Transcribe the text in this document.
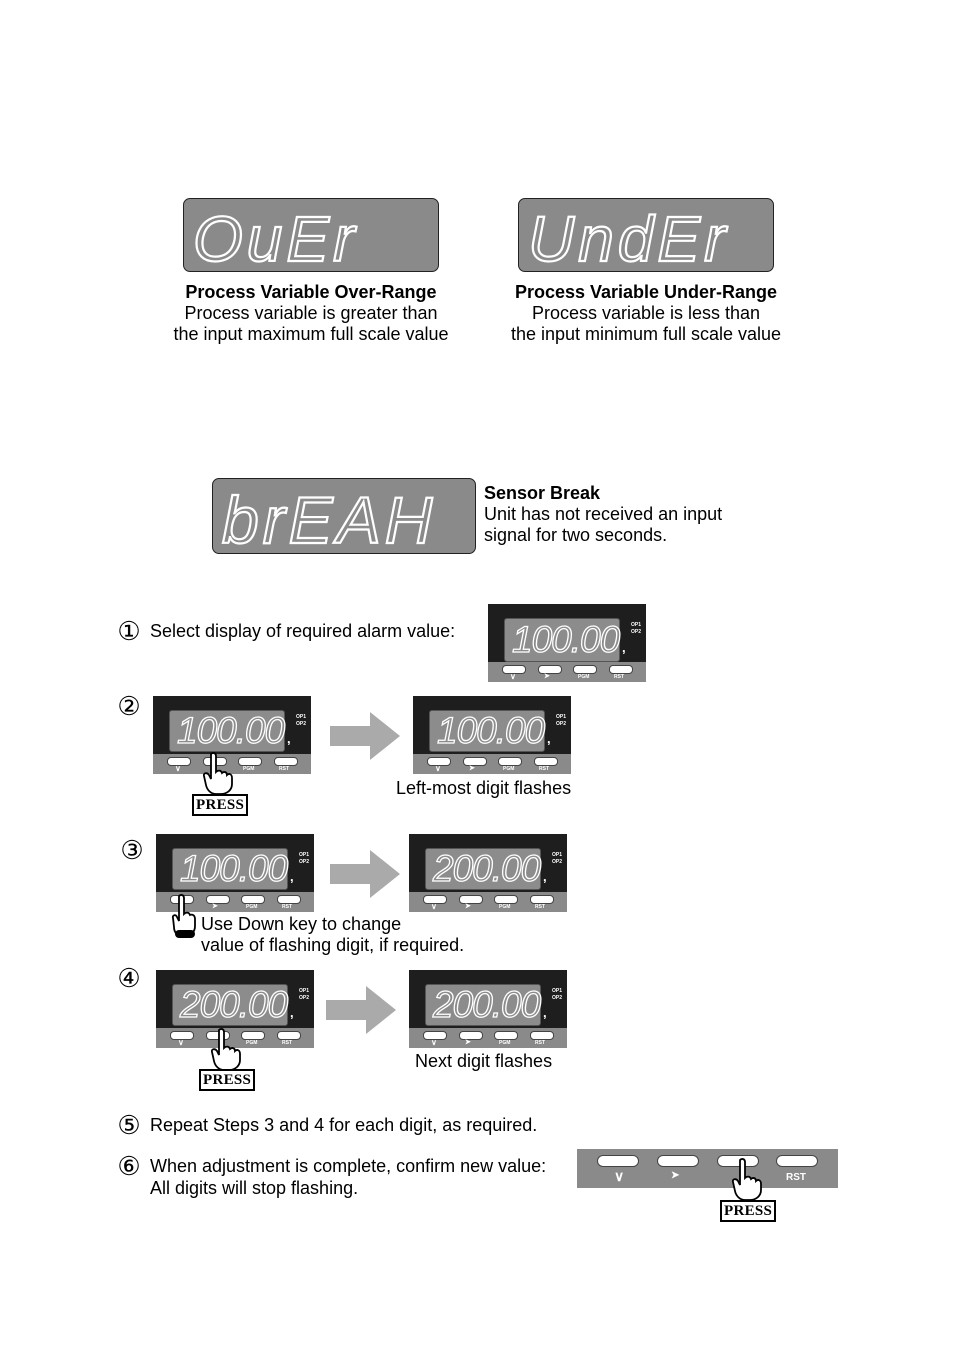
OuEr
Process Variable Over-Range
Process variable is greater than
the input maximum full scale value
UndEr
Process Variable Under-Range
Process variable is less than
the input minimum full scale value
brEAH	Sensor Break
Unit has not received an input
signal for two seconds.
① Select display of required alarm value: 100.00 OP1
OP2
,
∨	➤	PGM	RST
②
100.00 OP1
OP2
,
∨	PGM	RST
PRESS
100.00 OP1
OP2
,
∨	➤	PGM	RST
Left-most digit flashes
③ 100.00 OP1
OP2
,
➤	PGM	RST
200.00 OP1
OP2
,
∨	➤	PGM	RST
Use Down key to change
value of flashing digit, if required.
④
200.00 OP1
OP2
,
∨	PGM	RST
PRESS
200.00 OP1
OP2
,
∨	➤	PGM	RST
Next digit flashes
⑤ Repeat Steps 3 and 4 for each digit, as required.
⑥ When adjustment is complete, confirm new value:
All digits will stop flashing.
∨	➤	RST
PRESS
